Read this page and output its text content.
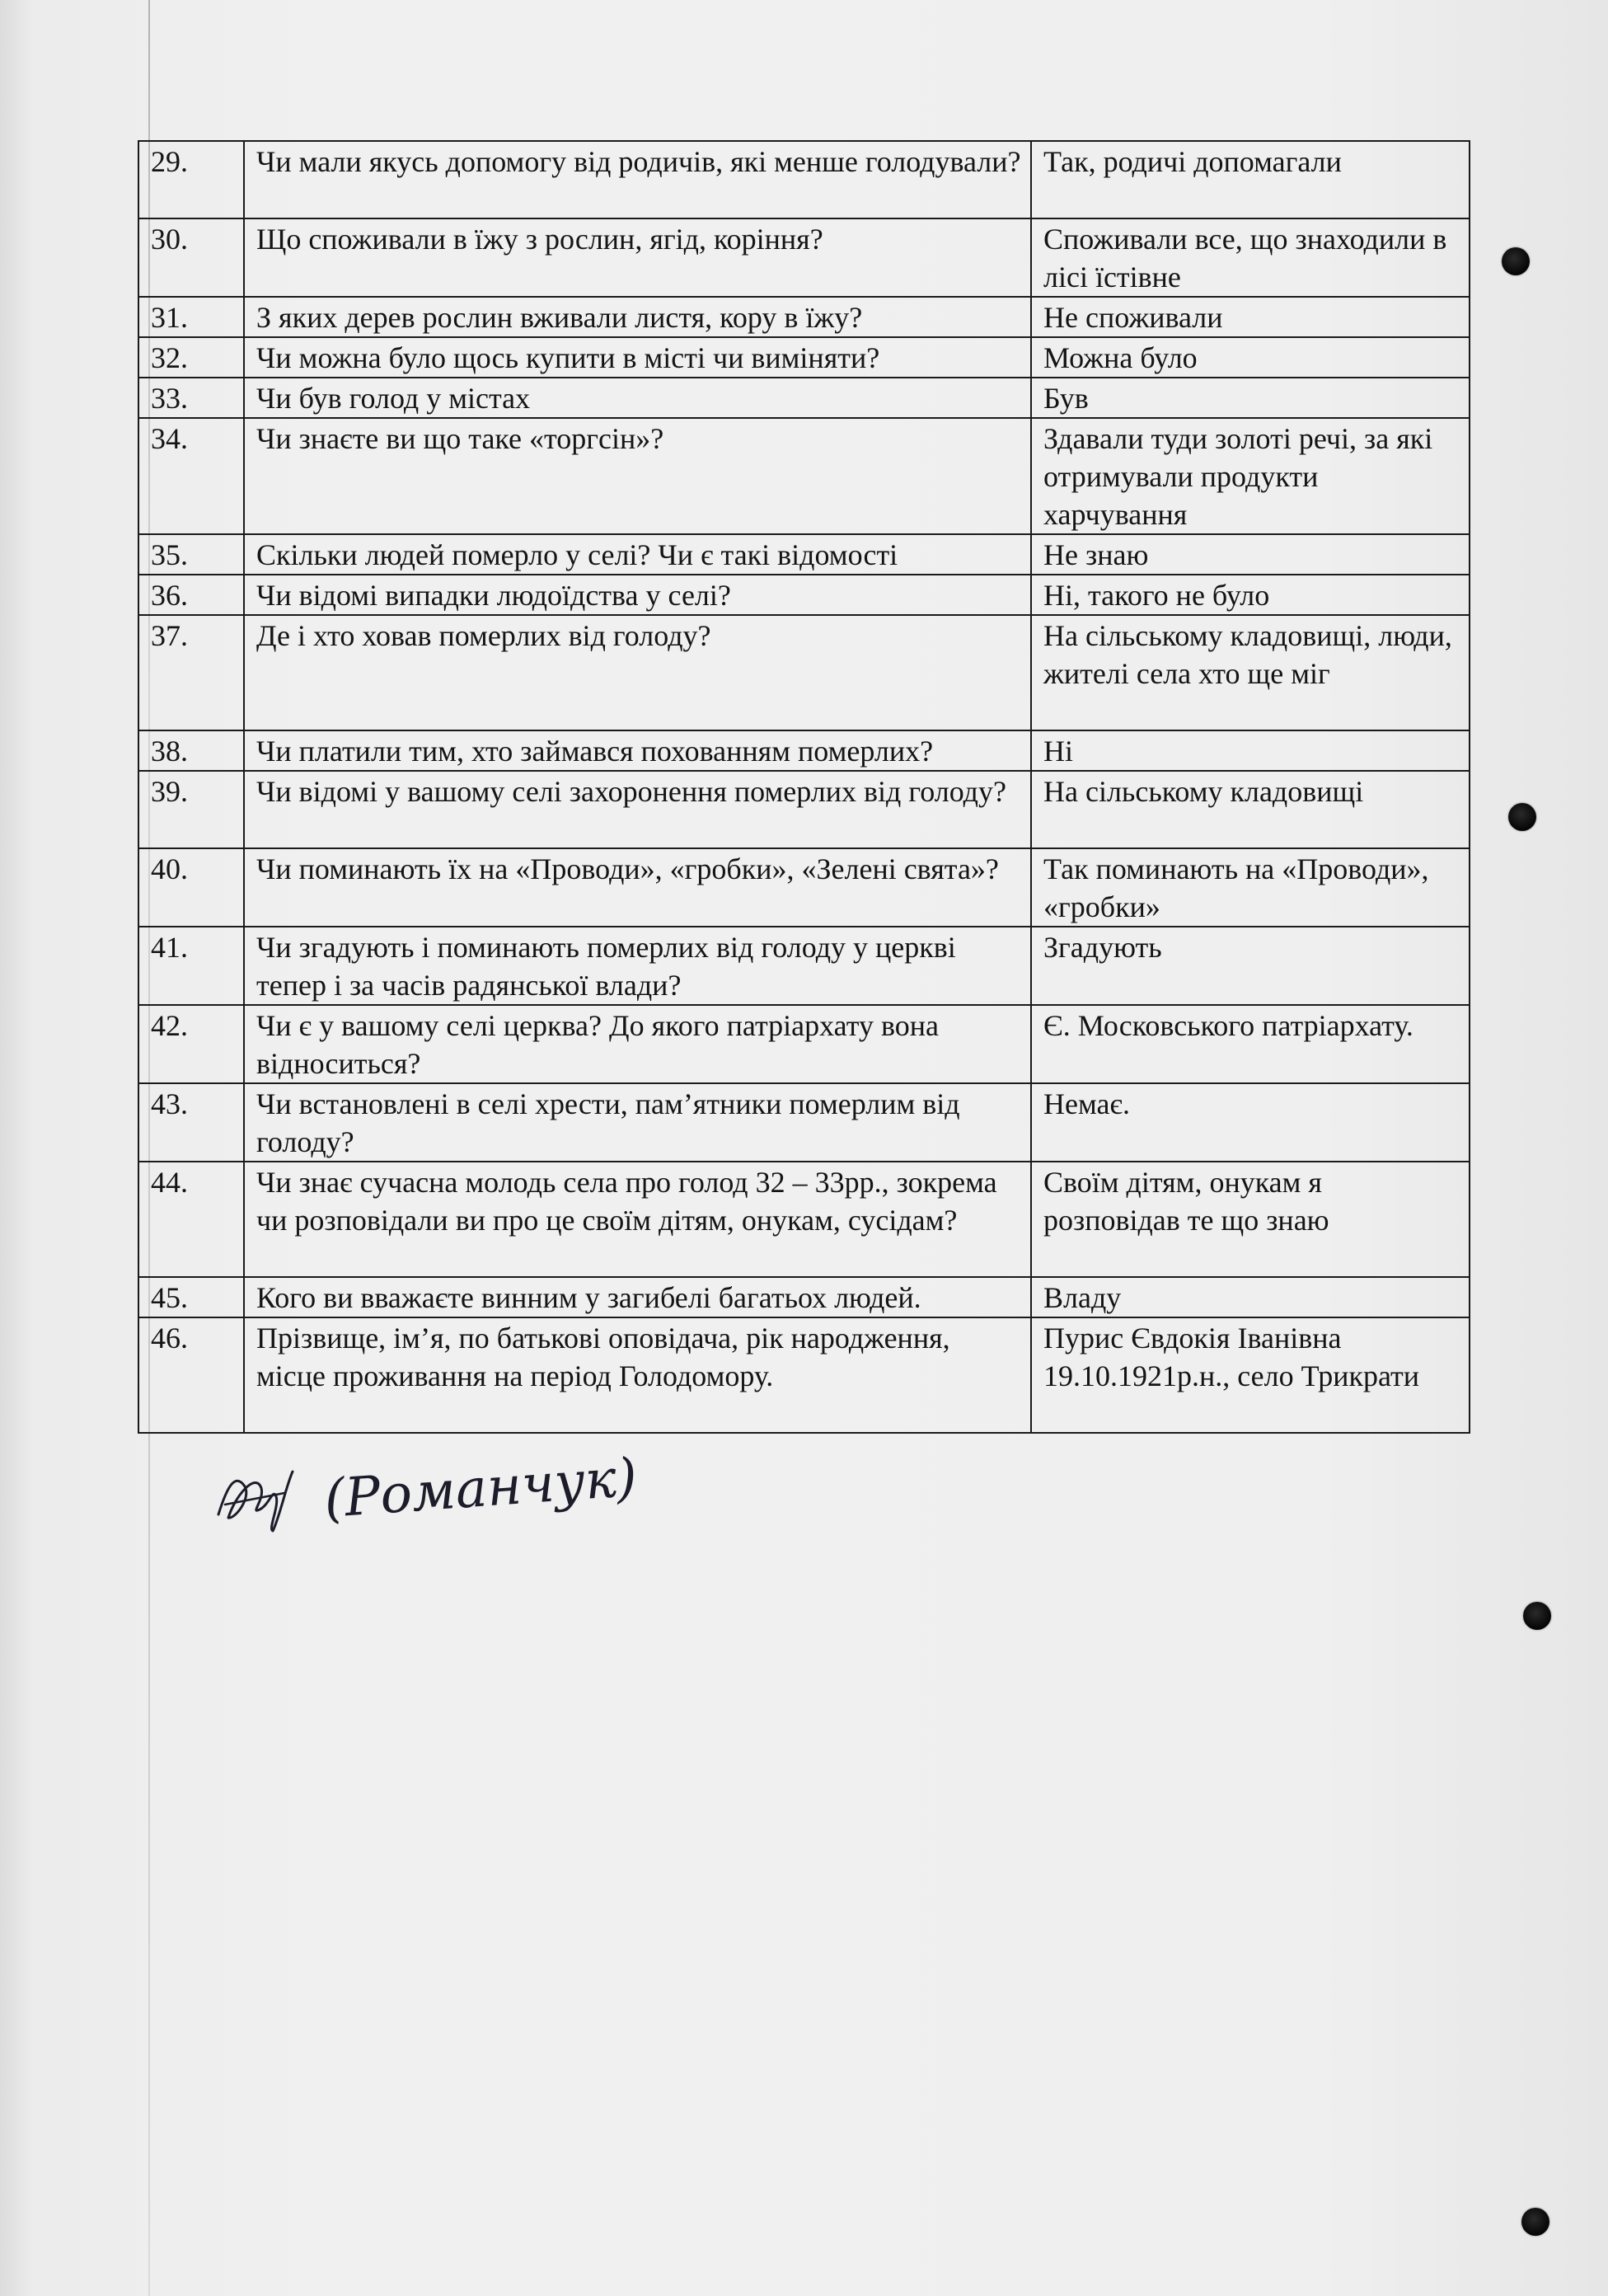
29.	Чи мали якусь допомогу від родичів, які менше голодували?	Так, родичі допомагали
30.	Що споживали в їжу з рослин, ягід, коріння?	Споживали все, що знаходили в лісі їстівне
31.	З яких дерев рослин вживали листя, кору в їжу?	Не споживали
32.	Чи можна було щось купити в місті чи виміняти?	Можна було
33.	Чи був голод у містах	Був
34.	Чи знаєте ви що таке «торгсін»?	Здавали туди золоті речі, за які отримували продукти харчування
35.	Скільки людей померло у селі? Чи є такі відомості	Не знаю
36.	Чи відомі випадки людоїдства у селі?	Ні, такого не було
37.	Де і хто ховав померлих від голоду?	На сільському кладовищі, люди, жителі села хто ще міг
38.	Чи платили тим, хто займався похованням померлих?	Ні
39.	Чи відомі у вашому селі захоронення померлих від голоду?	На сільському кладовищі
40.	Чи поминають їх на «Проводи», «гробки», «Зелені свята»?	Так поминають на «Проводи», «гробки»
41.	Чи згадують і поминають померлих від голоду у церкві тепер і за часів радянської влади?	Згадують
42.	Чи є у вашому селі церква? До якого патріархату вона відноситься?	Є. Московського патріархату.
43.	Чи встановлені в селі хрести, пам’ятники померлим від голоду?	Немає.
44.	Чи знає сучасна молодь села про голод 32 – 33рр., зокрема чи розповідали ви про це своїм дітям, онукам, сусідам?	Своїм дітям, онукам я розповідав те що знаю
45.	Кого ви вважаєте винним у загибелі багатьох людей.	Владу
46.	Прізвище, ім’я, по батькові оповідача, рік народження, місце проживання на період Голодомору.	Пурис Євдокія Іванівна 19.10.1921р.н., село Трикрати
(Романчук)
